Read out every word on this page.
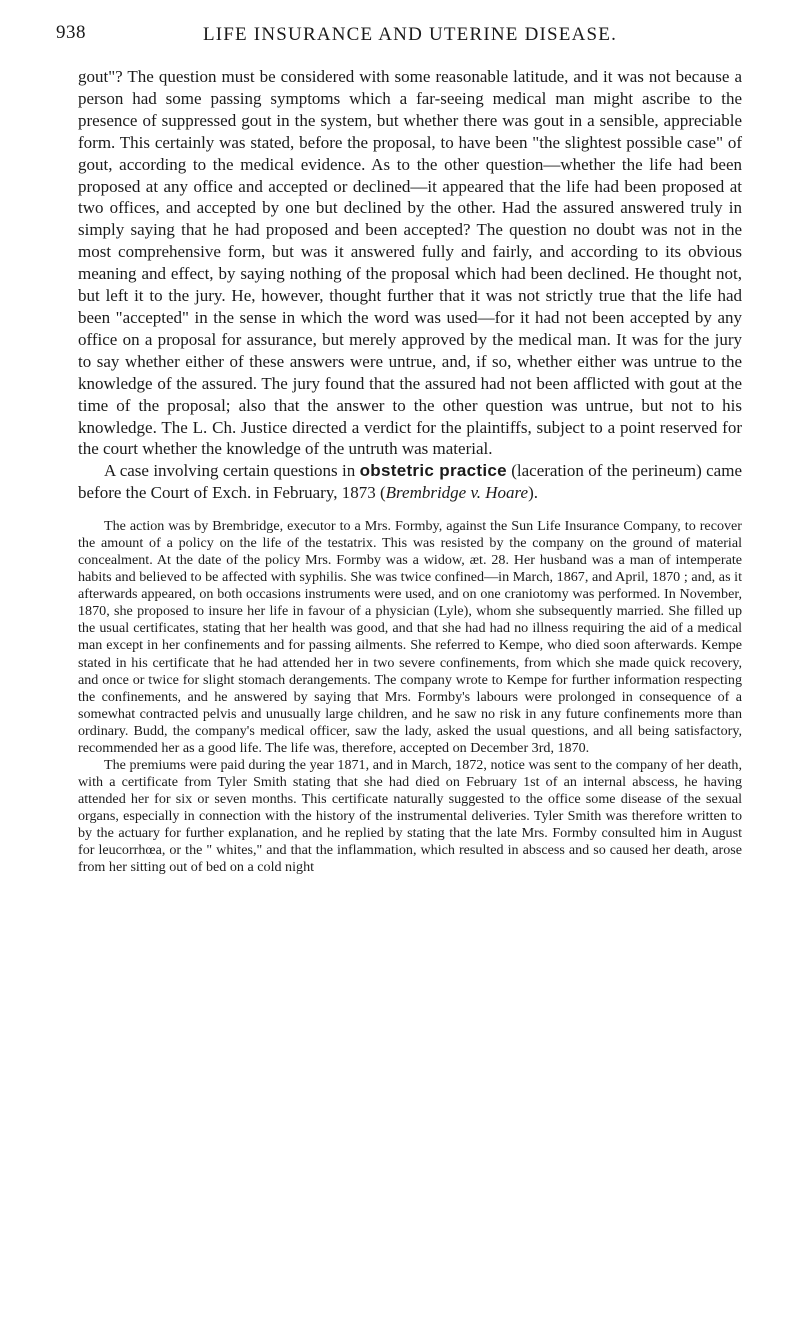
938	LIFE INSURANCE AND UTERINE DISEASE.

gout"? The question must be considered with some reasonable latitude, and it was not because a person had some passing symptoms which a far-seeing medical man might ascribe to the presence of suppressed gout in the system, but whether there was gout in a sensible, appreciable form. This certainly was stated, before the proposal, to have been "the slightest possible case" of gout, according to the medical evidence. As to the other question—whether the life had been proposed at any office and accepted or declined—it appeared that the life had been proposed at two offices, and accepted by one but declined by the other. Had the assured answered truly in simply saying that he had proposed and been accepted? The question no doubt was not in the most comprehensive form, but was it answered fully and fairly, and according to its obvious meaning and effect, by saying nothing of the proposal which had been declined. He thought not, but left it to the jury. He, however, thought further that it was not strictly true that the life had been "accepted" in the sense in which the word was used—for it had not been accepted by any office on a proposal for assurance, but merely approved by the medical man. It was for the jury to say whether either of these answers were untrue, and, if so, whether either was untrue to the knowledge of the assured. The jury found that the assured had not been afflicted with gout at the time of the proposal; also that the answer to the other question was untrue, but not to his knowledge. The L. Ch. Justice directed a verdict for the plaintiffs, subject to a point reserved for the court whether the knowledge of the untruth was material.

A case involving certain questions in obstetric practice (laceration of the perineum) came before the Court of Exch. in February, 1873 (Brembridge v. Hoare).

The action was by Brembridge, executor to a Mrs. Formby, against the Sun Life Insurance Company, to recover the amount of a policy on the life of the testatrix. This was resisted by the company on the ground of material concealment. At the date of the policy Mrs. Formby was a widow, æt. 28. Her husband was a man of intemperate habits and believed to be affected with syphilis. She was twice confined—in March, 1867, and April, 1870 ; and, as it afterwards appeared, on both occasions instruments were used, and on one craniotomy was performed. In November, 1870, she proposed to insure her life in favour of a physician (Lyle), whom she subsequently married. She filled up the usual certificates, stating that her health was good, and that she had had no illness requiring the aid of a medical man except in her confinements and for passing ailments. She referred to Kempe, who died soon afterwards. Kempe stated in his certificate that he had attended her in two severe confinements, from which she made quick recovery, and once or twice for slight stomach derangements. The company wrote to Kempe for further information respecting the confinements, and he answered by saying that Mrs. Formby's labours were prolonged in consequence of a somewhat contracted pelvis and unusually large children, and he saw no risk in any future confinements more than ordinary. Budd, the company's medical officer, saw the lady, asked the usual questions, and all being satisfactory, recommended her as a good life. The life was, therefore, accepted on December 3rd, 1870.

The premiums were paid during the year 1871, and in March, 1872, notice was sent to the company of her death, with a certificate from Tyler Smith stating that she had died on February 1st of an internal abscess, he having attended her for six or seven months. This certificate naturally suggested to the office some disease of the sexual organs, especially in connection with the history of the instrumental deliveries. Tyler Smith was therefore written to by the actuary for further explanation, and he replied by stating that the late Mrs. Formby consulted him in August for leucorrhœa, or the " whites," and that the inflammation, which resulted in abscess and so caused her death, arose from her sitting out of bed on a cold night
